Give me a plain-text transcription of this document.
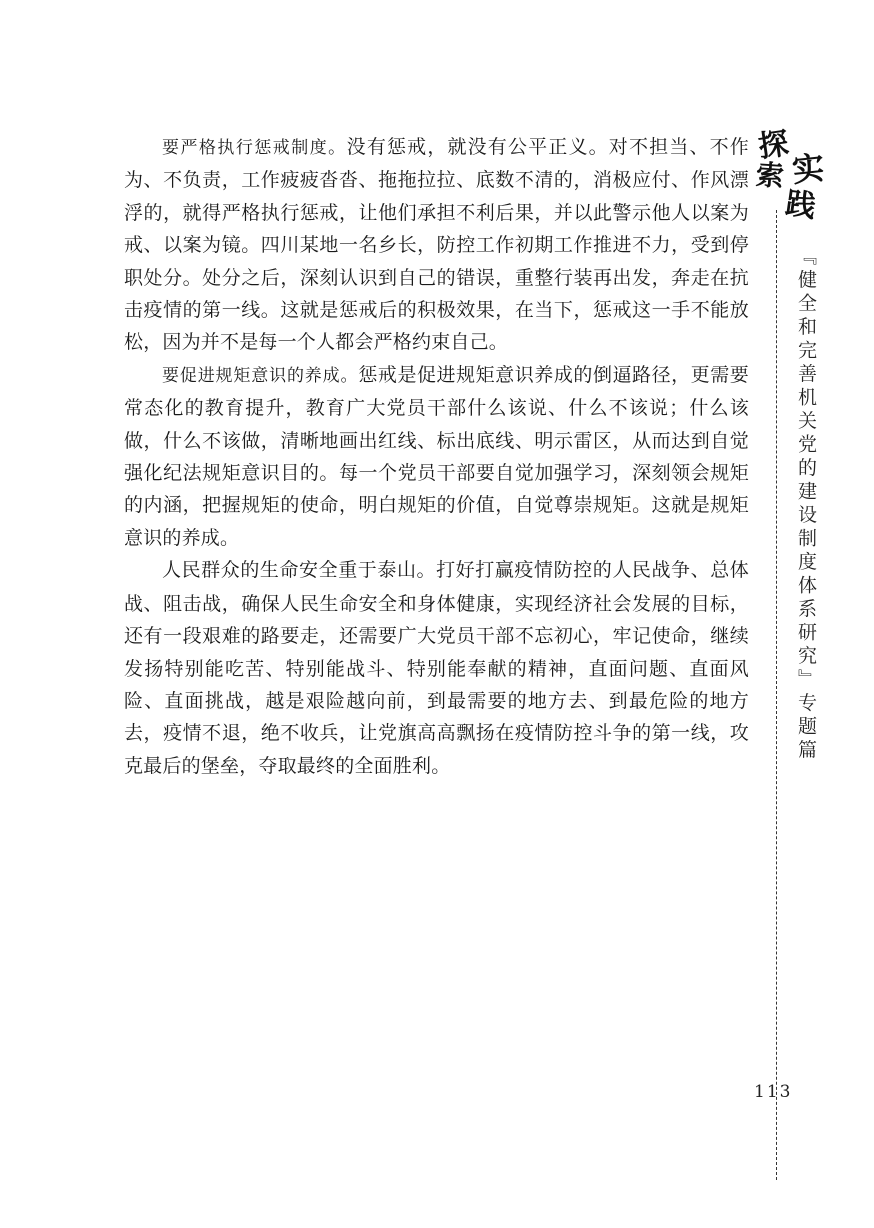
要严格执行惩戒制度。没有惩戒，就没有公平正义。对不担当、不作为、不负责，工作疲疲沓沓、拖拖拉拉、底数不清的，消极应付、作风漂浮的，就得严格执行惩戒，让他们承担不利后果，并以此警示他人以案为戒、以案为镜。四川某地一名乡长，防控工作初期工作推进不力，受到停职处分。处分之后，深刻认识到自己的错误，重整行装再出发，奔走在抗击疫情的第一线。这就是惩戒后的积极效果，在当下，惩戒这一手不能放松，因为并不是每一个人都会严格约束自己。

要促进规矩意识的养成。惩戒是促进规矩意识养成的倒逼路径，更需要常态化的教育提升，教育广大党员干部什么该说、什么不该说；什么该做，什么不该做，清晰地画出红线、标出底线、明示雷区，从而达到自觉强化纪法规矩意识目的。每一个党员干部要自觉加强学习，深刻领会规矩的内涵，把握规矩的使命，明白规矩的价值，自觉尊崇规矩。这就是规矩意识的养成。

人民群众的生命安全重于泰山。打好打赢疫情防控的人民战争、总体战、阻击战，确保人民生命安全和身体健康，实现经济社会发展的目标，还有一段艰难的路要走，还需要广大党员干部不忘初心，牢记使命，继续发扬特别能吃苦、特别能战斗、特别能奉献的精神，直面问题、直面风险、直面挑战，越是艰险越向前，到最需要的地方去、到最危险的地方去，疫情不退，绝不收兵，让党旗高高飘扬在疫情防控斗争的第一线，攻克最后的堡垒，夺取最终的全面胜利。

探
索 实
践
『健全和完善机关党的建设制度体系研究』专题篇
113
